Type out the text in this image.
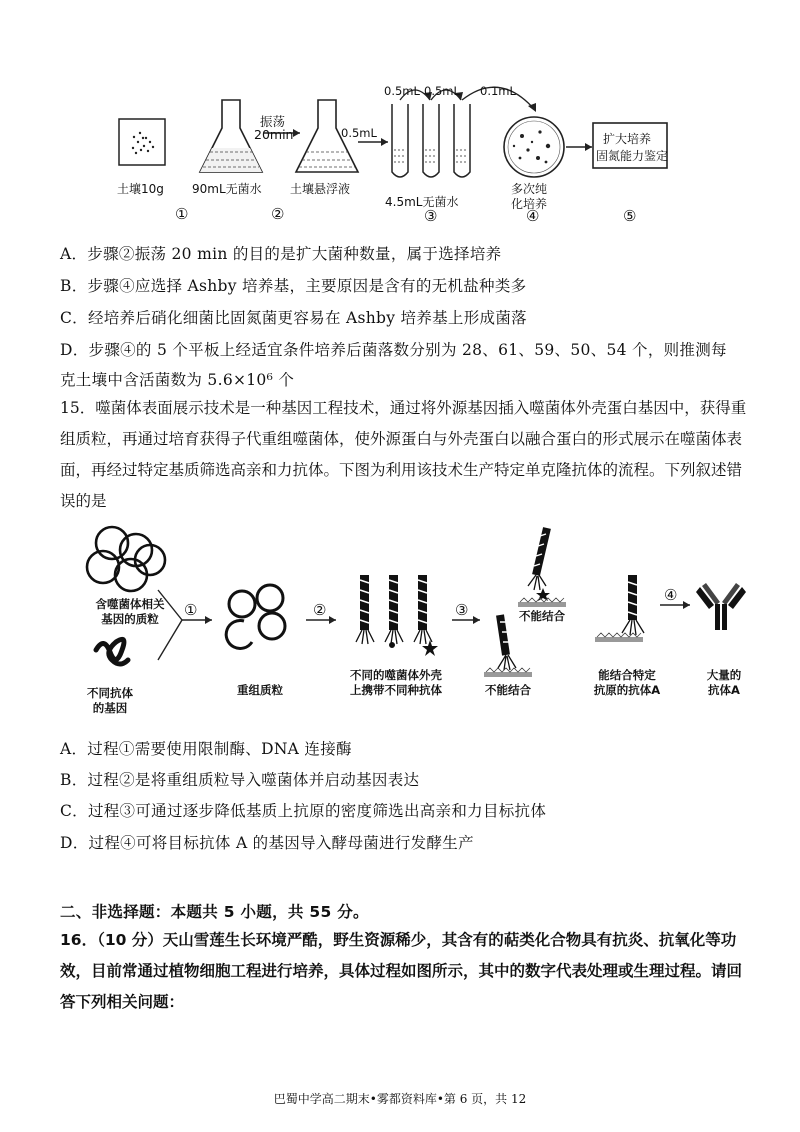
0.5mL 0.5mL 0.1mL
振荡
20min	0.5mL	扩大培养
固氮能力鉴定
土壤10g 90mL无菌水 土壤悬浮液
4.5mL无菌水
多次纯
化培养
①	②	③	④	⑤
A．步骤②振荡 20 min 的目的是扩大菌种数量，属于选择培养
B．步骤④应选择 Ashby 培养基，主要原因是含有的无机盐种类多
C．经培养后硝化细菌比固氮菌更容易在 Ashby 培养基上形成菌落
D．步骤④的 5 个平板上经适宜条件培养后菌落数分别为 28、61、59、50、54 个，则推测每
克土壤中含活菌数为 5.6×10⁶ 个
15．噬菌体表面展示技术是一种基因工程技术，通过将外源基因插入噬菌体外壳蛋白基因中，获得重组质粒，再通过培育获得子代重组噬菌体，使外源蛋白与外壳蛋白以融合蛋白的形式展示在噬菌体表面，再经过特定基质筛选高亲和力抗体。下图为利用该技术生产特定单克隆抗体的流程。下列叙述错误的是
含噬菌体相关
基因的质粒
不同抗体
的基因
①	②	③
④
重组质粒
不同的噬菌体外壳
上携带不同种抗体
不能结合
不能结合
能结合特定
抗原的抗体A
大量的
抗体A
A．过程①需要使用限制酶、DNA 连接酶
B．过程②是将重组质粒导入噬菌体并启动基因表达
C．过程③可通过逐步降低基质上抗原的密度筛选出高亲和力目标抗体
D．过程④可将目标抗体 A 的基因导入酵母菌进行发酵生产
二、非选择题：本题共 5 小题，共 55 分。
16．（10 分）天山雪莲生长环境严酷，野生资源稀少，其含有的萜类化合物具有抗炎、抗氧化等功效，目前常通过植物细胞工程进行培养，具体过程如图所示，其中的数字代表处理或生理过程。请回答下列相关问题：
巴蜀中学高二期末•雾都资料库•第 6 页，共 12
